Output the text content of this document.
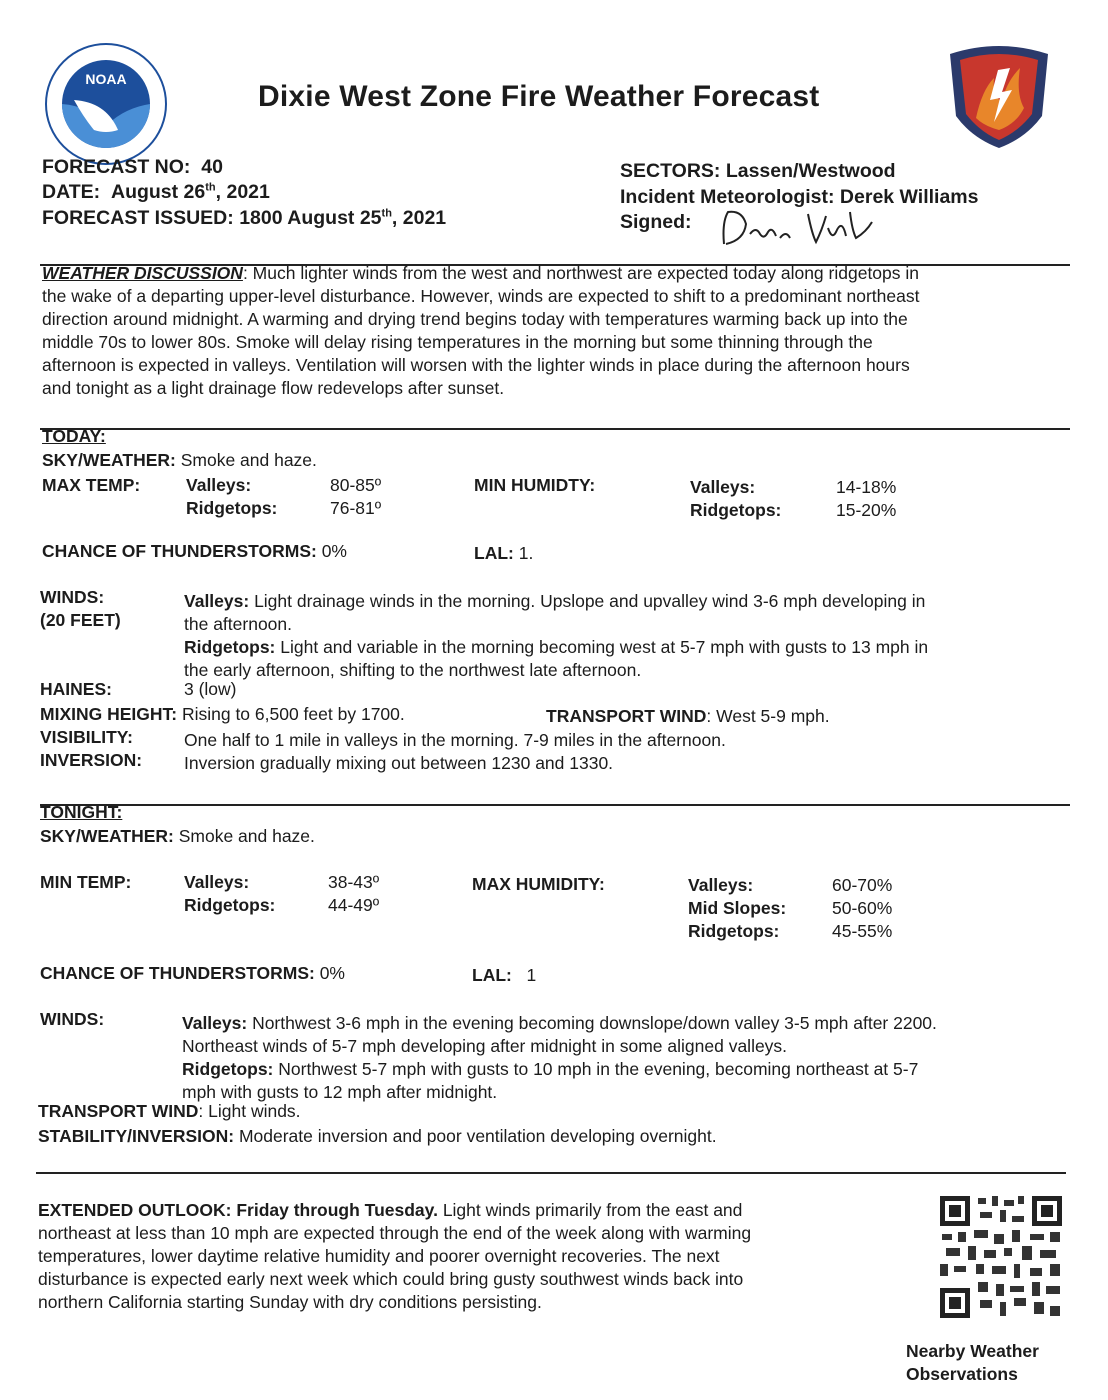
NOAA
Dixie West Zone Fire Weather Forecast
FORECAST NO: 40
DATE: August 26th, 2021
FORECAST ISSUED: 1800 August 25th, 2021
SECTORS: Lassen/Westwood
Incident Meteorologist: Derek Williams
Signed:
WEATHER DISCUSSION: Much lighter winds from the west and northwest are expected today along ridgetops in
the wake of a departing upper-level disturbance. However, winds are expected to shift to a predominant northeast
direction around midnight. A warming and drying trend begins today with temperatures warming back up into the
middle 70s to lower 80s. Smoke will delay rising temperatures in the morning but some thinning through the
afternoon is expected in valleys. Ventilation will worsen with the lighter winds in place during the afternoon hours
and tonight as a light drainage flow redevelops after sunset.
TODAY:
SKY/WEATHER: Smoke and haze.
MAX TEMP:	Valleys:	80-85º
Ridgetops:	76-81º
MIN HUMIDTY:	Valleys:	14-18%
Ridgetops:	15-20%
CHANCE OF THUNDERSTORMS: 0%	LAL: 1.
WINDS:
(20 FEET)
Valleys: Light drainage winds in the morning. Upslope and upvalley wind 3-6 mph developing in
the afternoon.
Ridgetops: Light and variable in the morning becoming west at 5-7 mph with gusts to 13 mph in
the early afternoon, shifting to the northwest late afternoon.
HAINES:	3 (low)
MIXING HEIGHT: Rising to 6,500 feet by 1700.	TRANSPORT WIND: West 5-9 mph.
VISIBILITY:	One half to 1 mile in valleys in the morning. 7-9 miles in the afternoon.
INVERSION: Inversion gradually mixing out between 1230 and 1330.
TONIGHT:
SKY/WEATHER: Smoke and haze.
MIN TEMP:	Valleys:	38-43º
Ridgetops:	44-49º
MAX HUMIDITY:	Valleys:	60-70%
Mid Slopes:	50-60%
Ridgetops:	45-55%
CHANCE OF THUNDERSTORMS: 0%	LAL: 1
WINDS:	Valleys: Northwest 3-6 mph in the evening becoming downslope/down valley 3-5 mph after 2200.
Northeast winds of 5-7 mph developing after midnight in some aligned valleys.
Ridgetops: Northwest 5-7 mph with gusts to 10 mph in the evening, becoming northeast at 5-7
mph with gusts to 12 mph after midnight.
TRANSPORT WIND: Light winds.
STABILITY/INVERSION: Moderate inversion and poor ventilation developing overnight.
EXTENDED OUTLOOK: Friday through Tuesday. Light winds primarily from the east and
northeast at less than 10 mph are expected through the end of the week along with warming
temperatures, lower daytime relative humidity and poorer overnight recoveries. The next
disturbance is expected early next week which could bring gusty southwest winds back into
northern California starting Sunday with dry conditions persisting.
Nearby Weather
Observations
